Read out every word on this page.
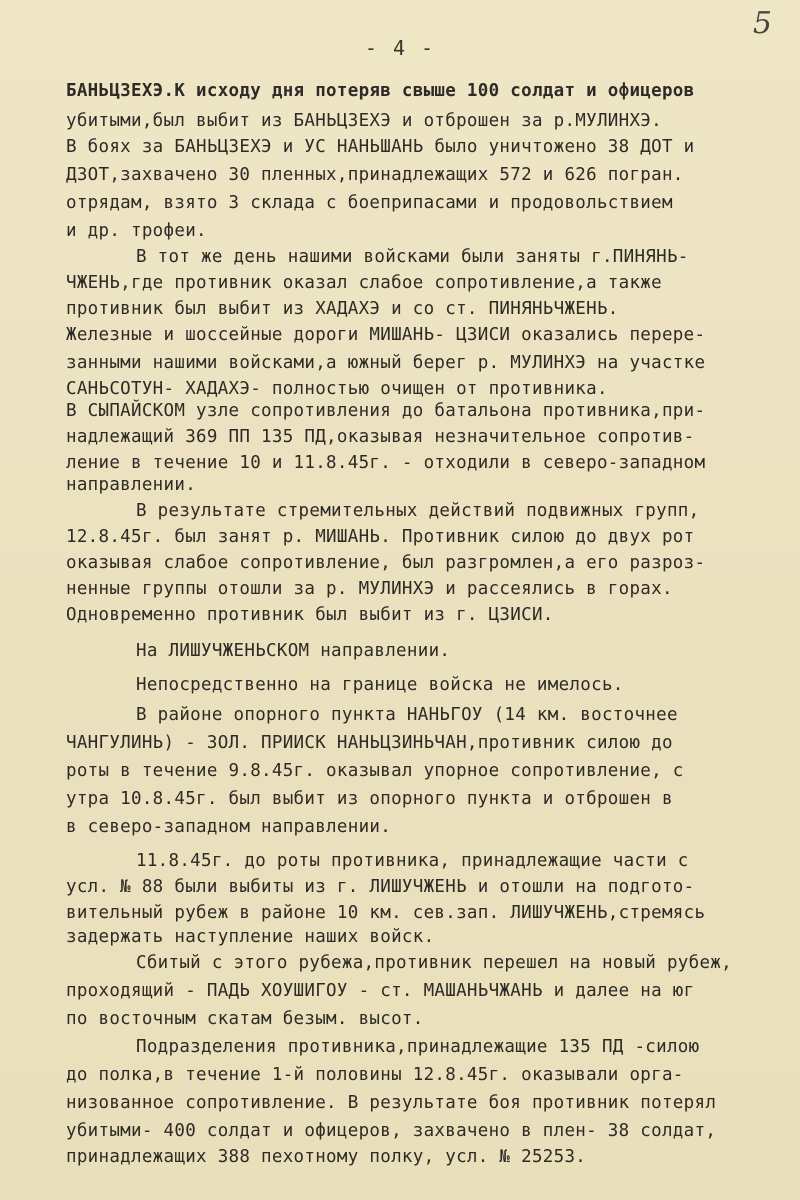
5
- 4 -
БАНЬЦЗЕХЭ.К исходу дня потеряв свыше 100 солдат и офицеров
убитыми,был выбит из БАНЬЦЗЕХЭ и отброшен за р.МУЛИНХЭ.
В боях за БАНЬЦЗЕХЭ и УС НАНЬШАНЬ было уничтожено 38 ДОТ и
ДЗОТ,захвачено 30 пленных,принадлежащих 572 и 626 погран.
отрядам, взято 3 склада с боеприпасами и продовольствием
и др. трофеи.
В тот же день нашими войсками были заняты г.ПИНЯНЬ-
ЧЖЕНЬ,где противник оказал слабое сопротивление,а также
противник был выбит из ХАДАХЭ и со ст. ПИНЯНЬЧЖЕНЬ.
Железные и шоссейные дороги МИШАНЬ- ЦЗИСИ оказались перере-
занными нашими войсками,а южный берег р. МУЛИНХЭ на участке
САНЬСОТУН- ХАДАХЭ- полностью очищен от противника.
В СЫПАЙСКОМ узле сопротивления до батальона противника,при-
надлежащий 369 ПП 135 ПД,оказывая незначительное сопротив-
ление в течение 10 и 11.8.45г. - отходили в северо-западном
направлении.
В результате стремительных действий подвижных групп,
12.8.45г. был занят р. МИШАНЬ. Противник силою до двух рот
оказывая слабое сопротивление, был разгромлен,а его разроз-
ненные группы отошли за р. МУЛИНХЭ и рассеялись в горах.
Одновременно противник был выбит из г. ЦЗИСИ.
На ЛИШУЧЖЕНЬСКОМ направлении.
Непосредственно на границе войска не имелось.
В районе опорного пункта НАНЬГОУ (14 км. восточнее
ЧАНГУЛИНЬ) - ЗОЛ. ПРИИСК НАНЬЦЗИНЬЧАН,противник силою до
роты в течение 9.8.45г. оказывал упорное сопротивление, с
утра 10.8.45г. был выбит из опорного пункта и отброшен в
в северо-западном направлении.
11.8.45г. до роты противника, принадлежащие части с
усл. № 88 были выбиты из г. ЛИШУЧЖЕНЬ и отошли на подгото-
вительный рубеж в районе 10 км. сев.зап. ЛИШУЧЖЕНЬ,стремясь
задержать наступление наших войск.
Сбитый с этого рубежа,противник перешел на новый рубеж,
проходящий - ПАДЬ ХОУШИГОУ - ст. МАШАНЬЧЖАНЬ и далее на юг
по восточным скатам безым. высот.
Подразделения противника,принадлежащие 135 ПД -силою
до полка,в течение 1-й половины 12.8.45г. оказывали орга-
низованное сопротивление. В результате боя противник потерял
убитыми- 400 солдат и офицеров, захвачено в плен- 38 солдат,
принадлежащих 388 пехотному полку, усл. № 25253.
